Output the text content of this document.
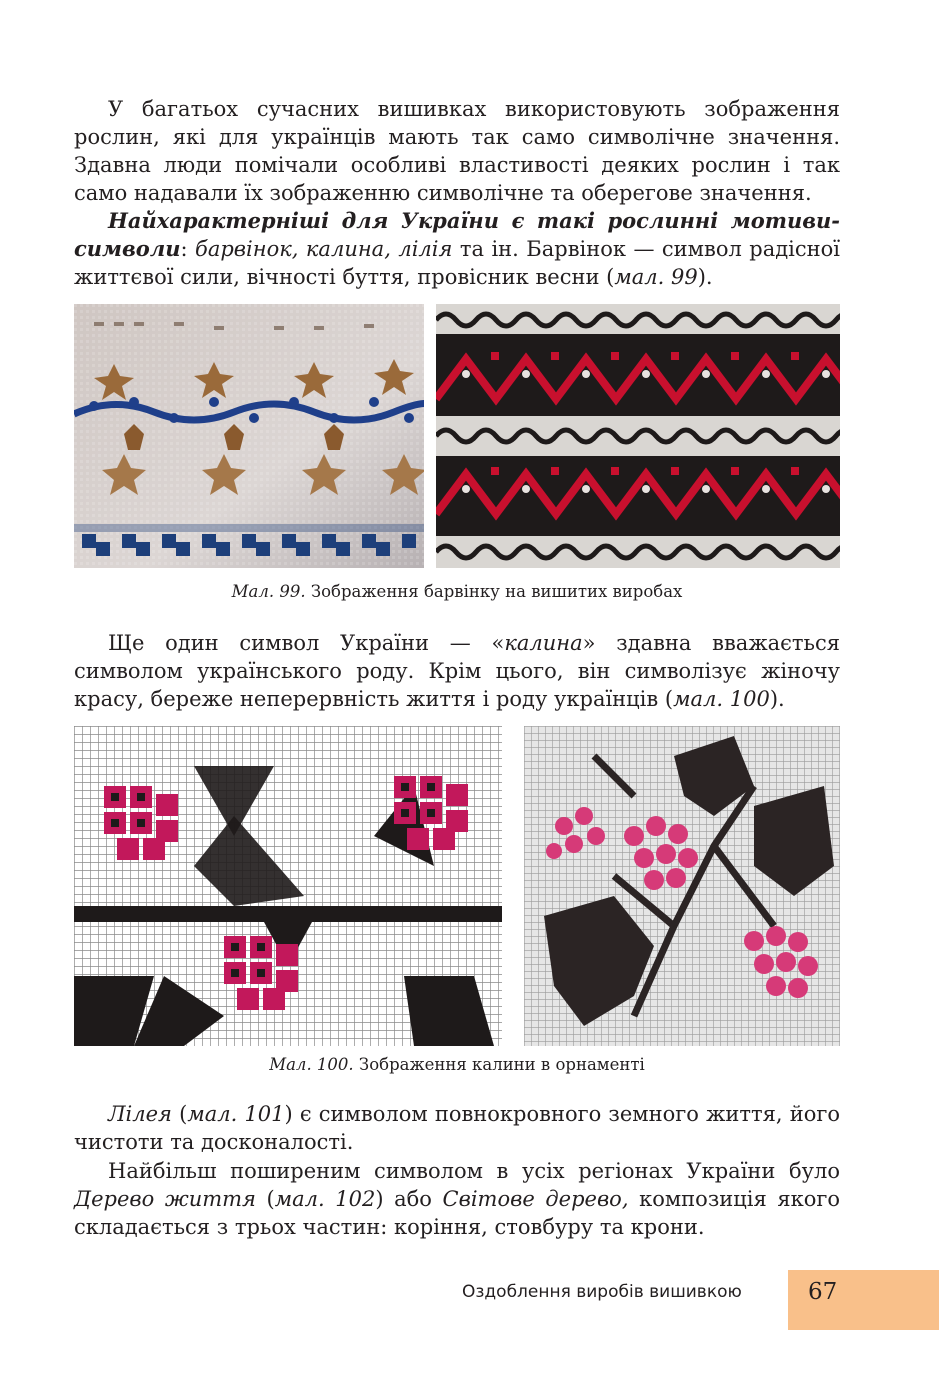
У багатьох сучасних вишивках використовують зображення рослин, які для українців мають так само символічне значення. Здавна люди помічали особливі властивості деяких рослин і так само надавали їх зображенню символічне та оберегове значення.

Найхарактерніші для України є такі рослинні мотиви-символи: барвінок, калина, лілія та ін. Барвінок — символ радісної життєвої сили, вічності буття, провісник весни (мал. 99).

Мал. 99. Зображення барвінку на вишитих виробах

Ще один символ України — «калина» здавна вважається символом українського роду. Крім цього, він символізує жіночу красу, береже неперервність життя і роду українців (мал. 100).

Мал. 100. Зображення калини в орнаменті

Лілея (мал. 101) є символом повнокровного земного життя, його чистоти та досконалості.

Найбільш поширеним символом в усіх регіонах України було Дерево життя (мал. 102) або Світове дерево, композиція якого складається з трьох частин: коріння, стовбуру та крони.

Оздоблення виробів вишивкою	67
